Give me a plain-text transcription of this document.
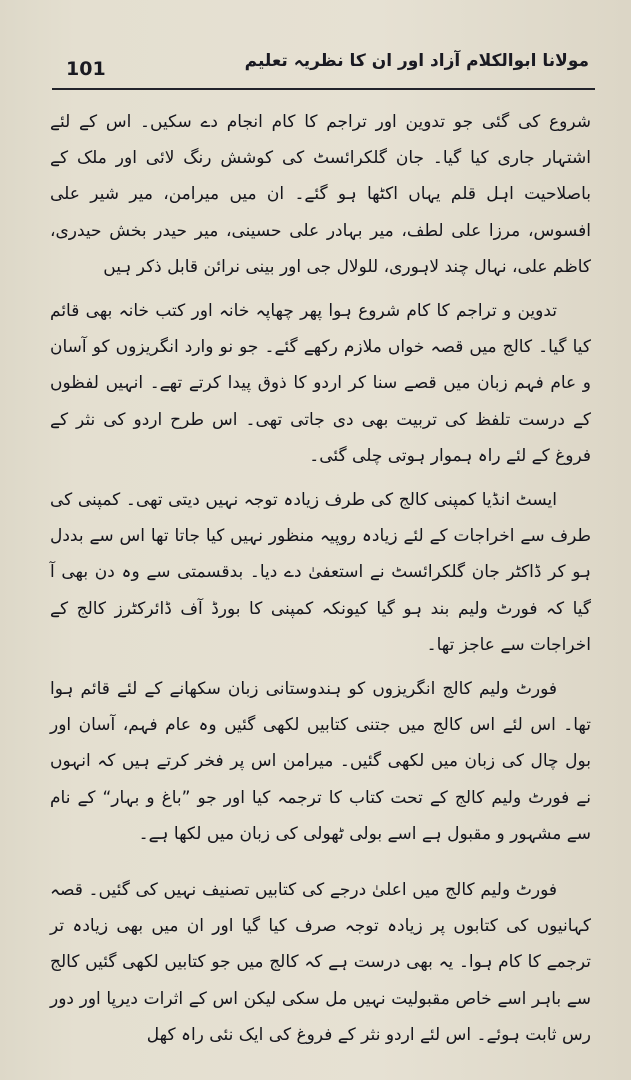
101	مولانا ابوالکلام آزاد اور ان کا نظریہ تعلیم

شروع کی گئی جو تدوین اور تراجم کا کام انجام دے سکیں۔ اس کے لئے اشتہار جاری کیا گیا۔ جان گلکرائسٹ کی کوشش رنگ لائی اور ملک کے باصلاحیت اہل قلم یہاں اکٹھا ہو گئے۔ ان میں میرامن، میر شیر علی افسوس، مرزا علی لطف، میر بہادر علی حسینی، میر حیدر بخش حیدری، کاظم علی، نہال چند لاہوری، للولال جی اور بینی نرائن قابل ذکر ہیں

تدوین و تراجم کا کام شروع ہوا پھر چھاپہ خانہ اور کتب خانہ بھی قائم کیا گیا۔ کالج میں قصہ خواں ملازم رکھے گئے۔ جو نو وارد انگریزوں کو آسان و عام فہم زبان میں قصے سنا کر اردو کا ذوق پیدا کرتے تھے۔ انہیں لفظوں کے درست تلفظ کی تربیت بھی دی جاتی تھی۔ اس طرح اردو کی نثر کے فروغ کے لئے راہ ہموار ہوتی چلی گئی۔

ایسٹ انڈیا کمپنی کالج کی طرف زیادہ توجہ نہیں دیتی تھی۔ کمپنی کی طرف سے اخراجات کے لئے زیادہ روپیہ منظور نہیں کیا جاتا تھا اس سے بددل ہو کر ڈاکٹر جان گلکرائسٹ نے استعفیٰ دے دیا۔ بدقسمتی سے وہ دن بھی آ گیا کہ فورٹ ولیم بند ہو گیا کیونکہ کمپنی کا بورڈ آف ڈائرکٹرز کالج کے اخراجات سے عاجز تھا۔

فورٹ ولیم کالج انگریزوں کو ہندوستانی زبان سکھانے کے لئے قائم ہوا تھا۔ اس لئے اس کالج میں جتنی کتابیں لکھی گئیں وہ عام فہم، آسان اور بول چال کی زبان میں لکھی گئیں۔ میرامن اس پر فخر کرتے ہیں کہ انہوں نے فورٹ ولیم کالج کے تحت کتاب کا ترجمہ کیا اور جو ”باغ و بہار“ کے نام سے مشہور و مقبول ہے اسے بولی ٹھولی کی زبان میں لکھا ہے۔

فورٹ ولیم کالج میں اعلیٰ درجے کی کتابیں تصنیف نہیں کی گئیں۔ قصہ کہانیوں کی کتابوں پر زیادہ توجہ صرف کیا گیا اور ان میں بھی زیادہ تر ترجمے کا کام ہوا۔ یہ بھی درست ہے کہ کالج میں جو کتابیں لکھی گئیں کالج سے باہر اسے خاص مقبولیت نہیں مل سکی لیکن اس کے اثرات دیرپا اور دور رس ثابت ہوئے۔ اس لئے اردو نثر کے فروغ کی ایک نئی راہ کھل
